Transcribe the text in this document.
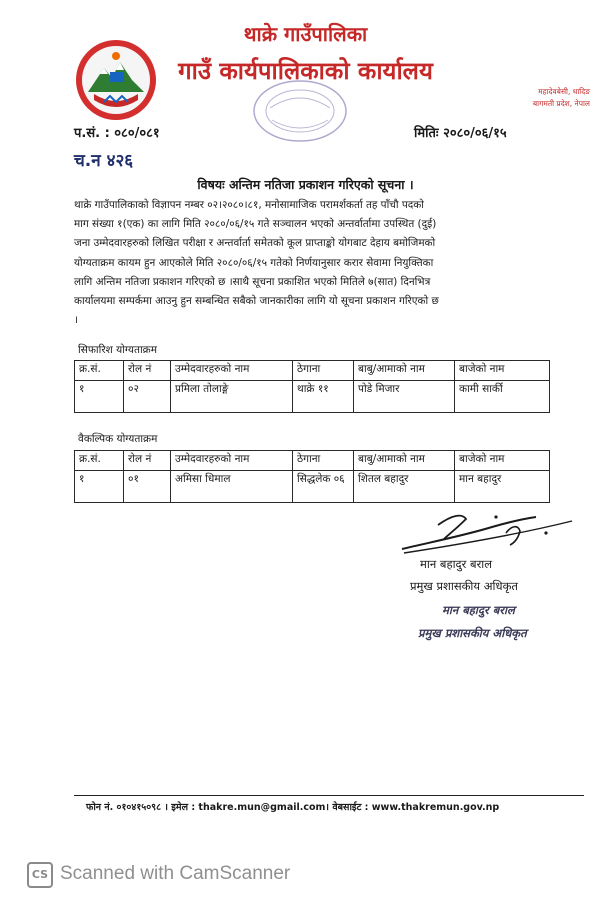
थाक्रे गाउँपालिका
गाउँ कार्यपालिकाको कार्यालय
महादेवबेसी, धादिङ
बागमती प्रदेश, नेपाल
प.सं. : ०८०/०८१	मितिः २०८०/०६/१५
च.न ४२६
विषयः अन्तिम नतिजा प्रकाशन गरिएको सूचना ।
थाक्रे गाउँपालिकाको विज्ञापन नम्बर ०२।२०८०।८१, मनोसामाजिक परामर्शकर्ता तह पाँचौ पदको
माग संख्या १(एक) का लागि मिति २०८०/०६/१५ गते सञ्चालन भएको अन्तर्वार्तामा उपस्थित (दुई)
जना उम्मेदवारहरुको लिखित परीक्षा र अन्तर्वार्ता समेतको कूल प्राप्ताङ्को योगबाट देहाय बमोजिमको
योग्यताक्रम कायम हुन आएकोले मिति २०८०/०६/१५ गतेको निर्णयानुसार करार सेवामा नियुक्तिका
लागि अन्तिम नतिजा प्रकाशन गरिएको छ ।साथै सूचना प्रकाशित भएको मितिले ७(सात) दिनभित्र
कार्यालयमा सम्पर्कमा आउनु हुन सम्बन्धित सबैको जानकारीका लागि यो सूचना प्रकाशन गरिएको छ
।
सिफारिश योग्यताक्रम
क्र.सं.	रोल नं	उम्मेदवारहरुको नाम	ठेगाना	बाबु/आमाको नाम	बाजेको नाम
१	०२	प्रमिला तोलाङ्गे	थाक्रे ११	पोडे मिजार	कामी सार्की
वैकल्पिक योग्यताक्रम
क्र.सं.	रोल नं	उम्मेदवारहरुको नाम	ठेगाना	बाबु/आमाको नाम	बाजेको नाम
१	०१	अमिसा धिमाल	सिद्धलेक ०६	शितल बहादुर	मान बहादुर
मान बहादुर बराल
प्रमुख प्रशासकीय अधिकृत
मान बहादुर बराल
प्रमुख प्रशासकीय अधिकृत
फोन नं. ०१०४१५०९८ । इमेल : thakre.mun@gmail.com। वेबसाईट : www.thakremun.gov.np
CS Scanned with CamScanner
